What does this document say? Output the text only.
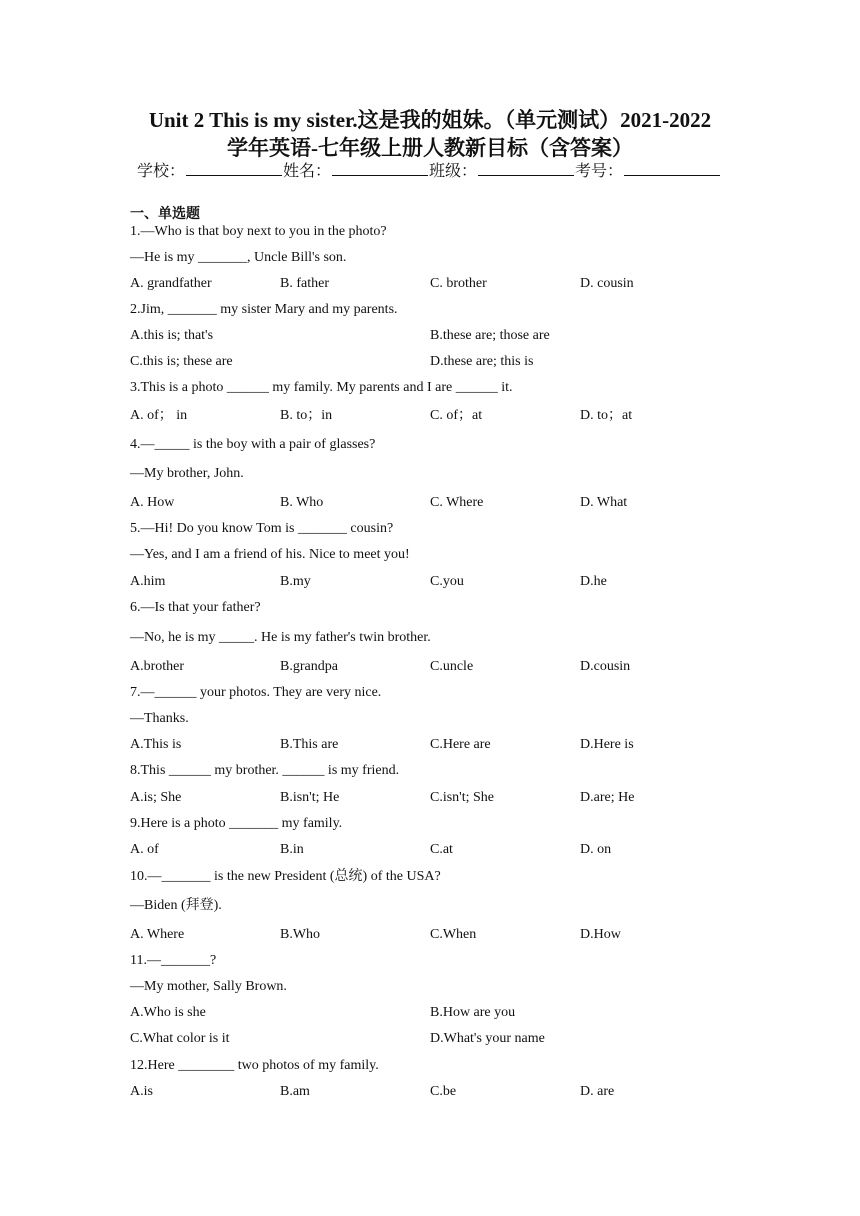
Unit 2 This is my sister.这是我的姐妹。（单元测试）2021-2022
学年英语-七年级上册人教新目标（含答案）
学校：	姓名：	班级：	考号：
一、单选题
1.—Who is that boy next to you in the photo?
—He is my _______, Uncle Bill's son.
A. grandfather	B. father	C. brother	D. cousin
2.Jim, _______ my sister Mary and my parents.
A.this is; that's	B.these are; those are
C.this is; these are	D.these are; this is
3.This is a photo ______ my family. My parents and I are ______ it.
A. of； in	B. to；in	C. of；at	D. to；at
4.—_____ is the boy with a pair of glasses?
—My brother, John.
A. How	B. Who	C. Where	D. What
5.—Hi! Do you know Tom is _______ cousin?
—Yes, and I am a friend of his. Nice to meet you!
A.him	B.my	C.you	D.he
6.—Is that your father?
—No, he is my _____. He is my father's twin brother.
A.brother	B.grandpa	C.uncle	D.cousin
7.—______ your photos. They are very nice.
—Thanks.
A.This is	B.This are	C.Here are	D.Here is
8.This ______ my brother. ______ is my friend.
A.is; She	B.isn't; He	C.isn't; She	D.are; He
9.Here is a photo _______ my family.
A. of	B.in	C.at	D. on
10.—_______ is the new President (总统) of the USA?
—Biden (拜登).
A. Where	B.Who	C.When	D.How
11.—_______?
—My mother, Sally Brown.
A.Who is she	B.How are you
C.What color is it	D.What's your name
12.Here ________ two photos of my family.
A.is	B.am	C.be	D. are
